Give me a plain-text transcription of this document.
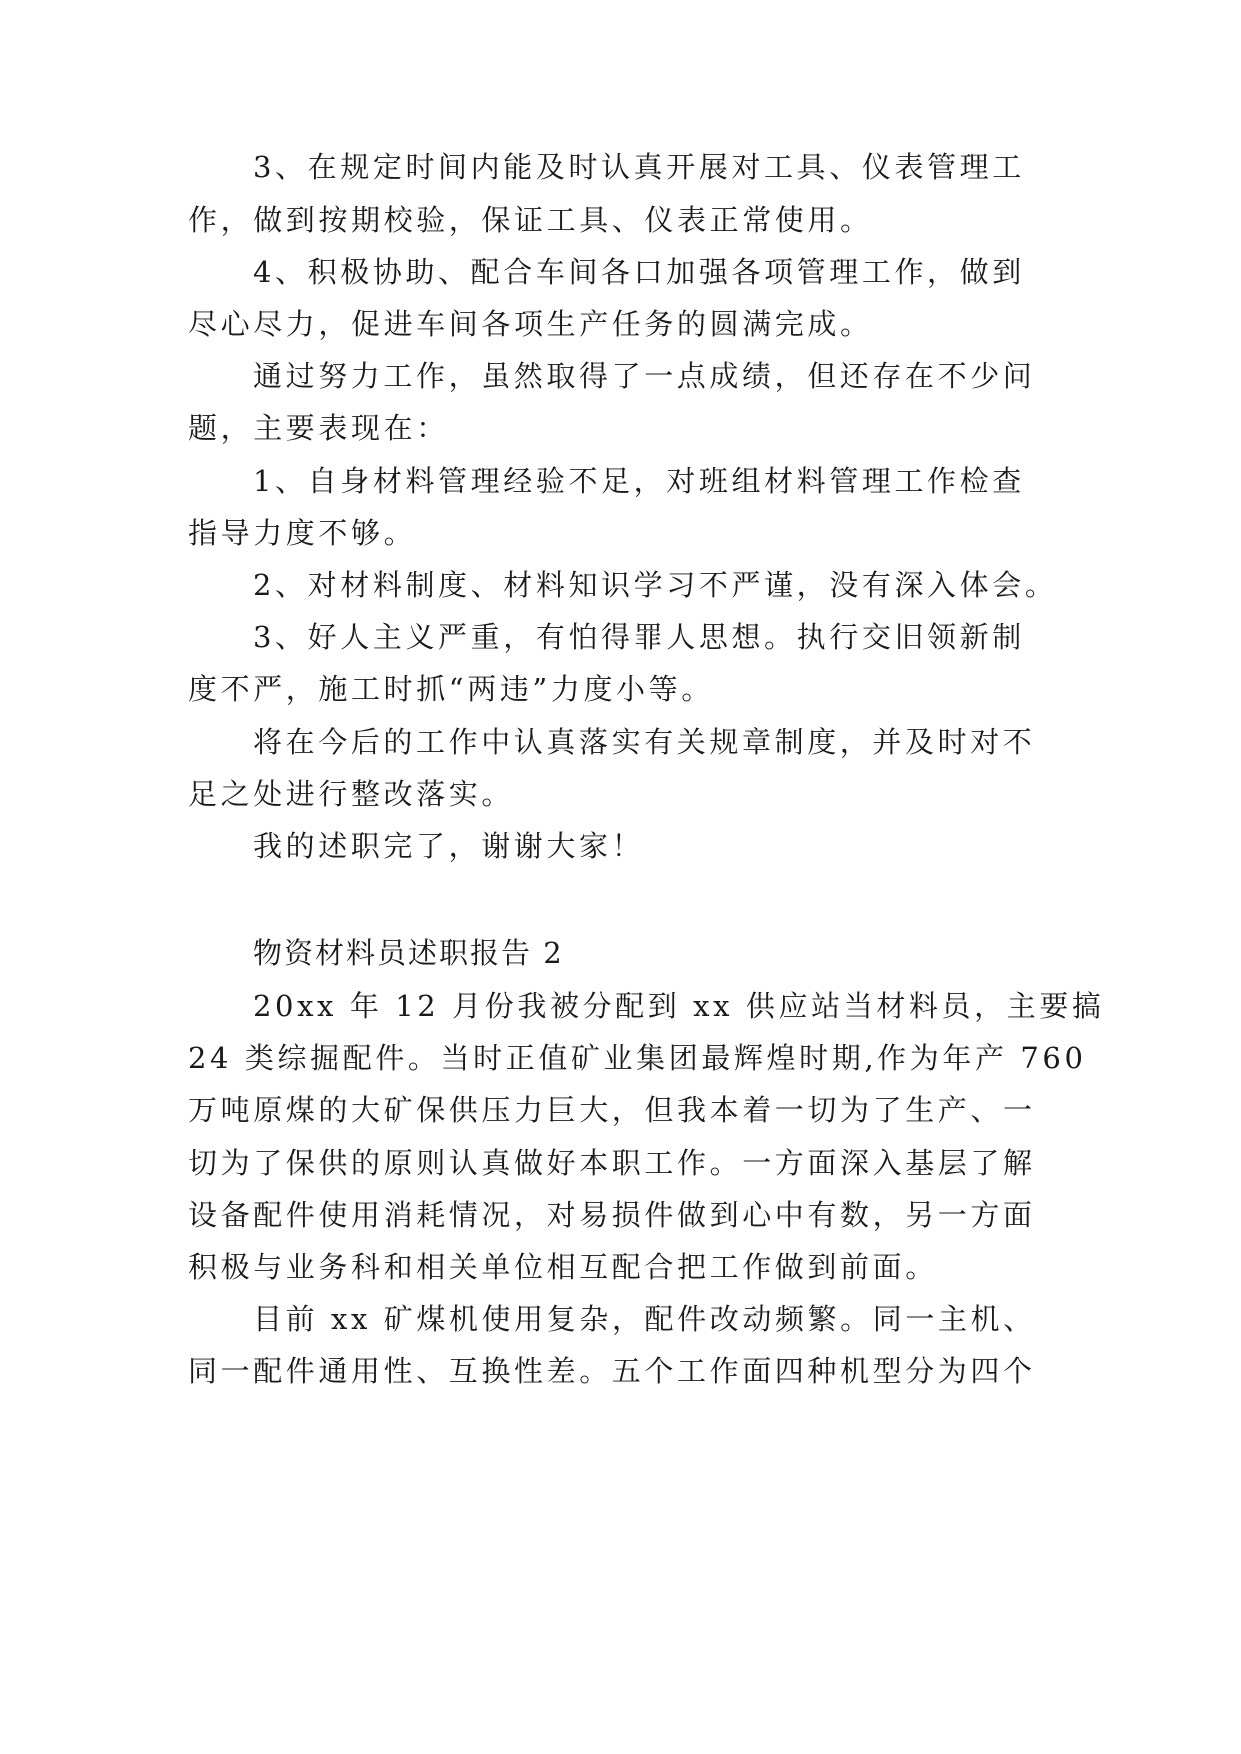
3、在规定时间内能及时认真开展对工具、仪表管理工
作，做到按期校验，保证工具、仪表正常使用。
4、积极协助、配合车间各口加强各项管理工作，做到
尽心尽力，促进车间各项生产任务的圆满完成。
通过努力工作，虽然取得了一点成绩，但还存在不少问
题，主要表现在：
1、自身材料管理经验不足，对班组材料管理工作检查
指导力度不够。
2、对材料制度、材料知识学习不严谨，没有深入体会。
3、好人主义严重，有怕得罪人思想。执行交旧领新制
度不严，施工时抓“两违”力度小等。
将在今后的工作中认真落实有关规章制度，并及时对不
足之处进行整改落实。
我的述职完了，谢谢大家！
物资材料员述职报告 2
20xx 年 12 月份我被分配到 xx 供应站当材料员，主要搞
24 类综掘配件。当时正值矿业集团最辉煌时期,作为年产 760
万吨原煤的大矿保供压力巨大，但我本着一切为了生产、一
切为了保供的原则认真做好本职工作。一方面深入基层了解
设备配件使用消耗情况，对易损件做到心中有数，另一方面
积极与业务科和相关单位相互配合把工作做到前面。
目前 xx 矿煤机使用复杂，配件改动频繁。同一主机、
同一配件通用性、互换性差。五个工作面四种机型分为四个
